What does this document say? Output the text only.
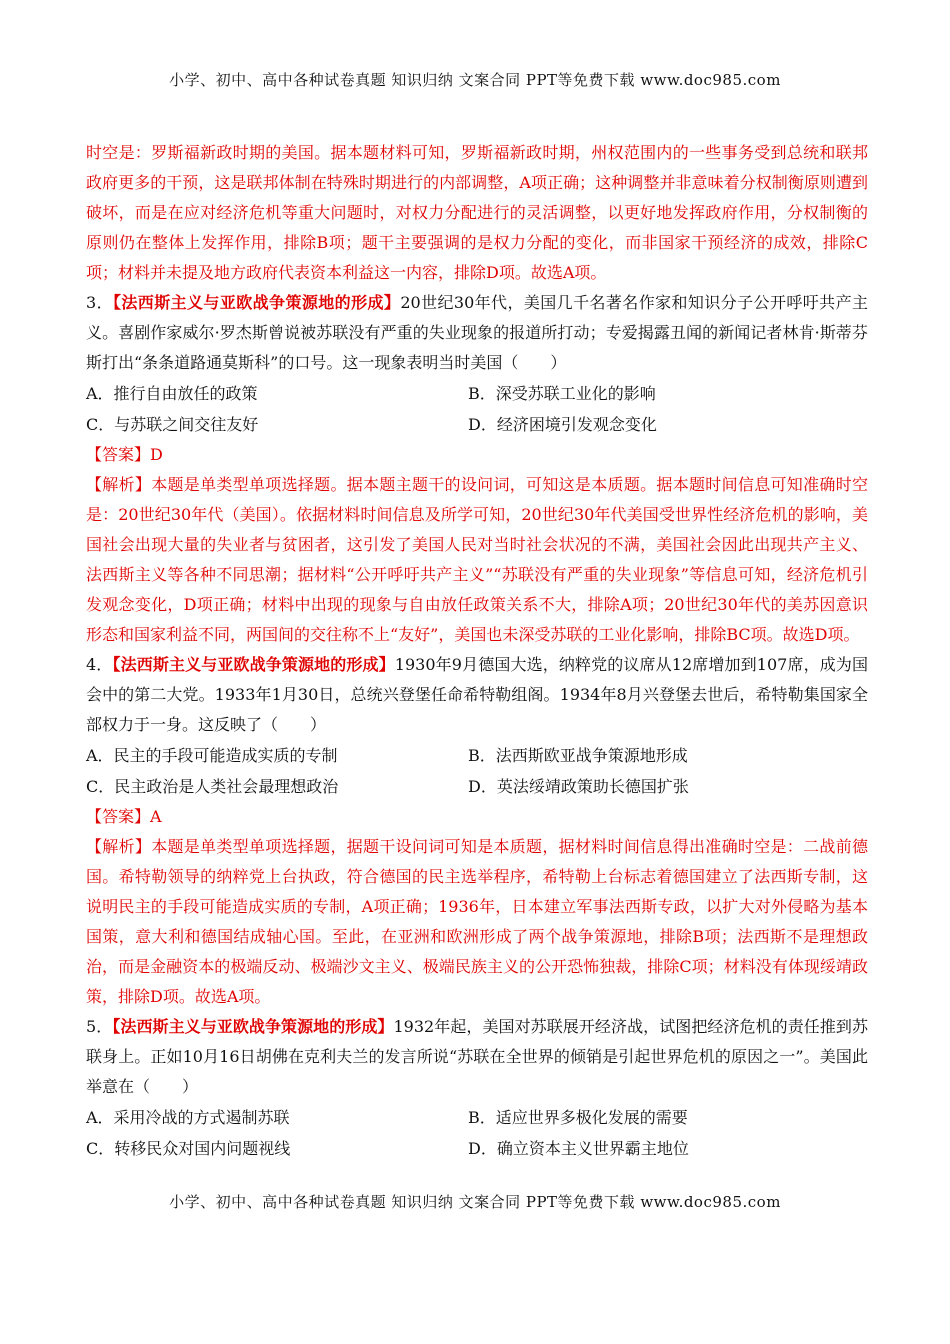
小学、初中、高中各种试卷真题 知识归纳 文案合同 PPT等免费下载 www.doc985.com

时空是：罗斯福新政时期的美国。据本题材料可知，罗斯福新政时期，州权范围内的一些事务受到总统和联邦政府更多的干预，这是联邦体制在特殊时期进行的内部调整，A项正确；这种调整并非意味着分权制衡原则遭到破坏，而是在应对经济危机等重大问题时，对权力分配进行的灵活调整，以更好地发挥政府作用，分权制衡的原则仍在整体上发挥作用，排除B项；题干主要强调的是权力分配的变化，而非国家干预经济的成效，排除C项；材料并未提及地方政府代表资本利益这一内容，排除D项。故选A项。

3．【法西斯主义与亚欧战争策源地的形成】20世纪30年代，美国几千名著名作家和知识分子公开呼吁共产主义。喜剧作家威尔·罗杰斯曾说被苏联没有严重的失业现象的报道所打动；专爱揭露丑闻的新闻记者林肯·斯蒂芬斯打出“条条道路通莫斯科”的口号。这一现象表明当时美国（　　）

A．推行自由放任的政策	B．深受苏联工业化的影响
C．与苏联之间交往友好	D．经济困境引发观念变化

【答案】D

【解析】本题是单类型单项选择题。据本题主题干的设问词，可知这是本质题。据本题时间信息可知准确时空是：20世纪30年代（美国）。依据材料时间信息及所学可知，20世纪30年代美国受世界性经济危机的影响，美国社会出现大量的失业者与贫困者，这引发了美国人民对当时社会状况的不满，美国社会因此出现共产主义、法西斯主义等各种不同思潮；据材料“公开呼吁共产主义”“苏联没有严重的失业现象”等信息可知，经济危机引发观念变化，D项正确；材料中出现的现象与自由放任政策关系不大，排除A项；20世纪30年代的美苏因意识形态和国家利益不同，两国间的交往称不上“友好”，美国也未深受苏联的工业化影响，排除BC项。故选D项。

4．【法西斯主义与亚欧战争策源地的形成】1930年9月德国大选，纳粹党的议席从12席增加到107席，成为国会中的第二大党。1933年1月30日，总统兴登堡任命希特勒组阁。1934年8月兴登堡去世后，希特勒集国家全部权力于一身。这反映了（　　）

A．民主的手段可能造成实质的专制	B．法西斯欧亚战争策源地形成
C．民主政治是人类社会最理想政治	D．英法绥靖政策助长德国扩张

【答案】A

【解析】本题是单类型单项选择题，据题干设问词可知是本质题，据材料时间信息得出准确时空是：二战前德国。希特勒领导的纳粹党上台执政，符合德国的民主选举程序，希特勒上台标志着德国建立了法西斯专制，这说明民主的手段可能造成实质的专制，A项正确；1936年，日本建立军事法西斯专政，以扩大对外侵略为基本国策，意大利和德国结成轴心国。至此，在亚洲和欧洲形成了两个战争策源地，排除B项；法西斯不是理想政治，而是金融资本的极端反动、极端沙文主义、极端民族主义的公开恐怖独裁，排除C项；材料没有体现绥靖政策，排除D项。故选A项。

5．【法西斯主义与亚欧战争策源地的形成】1932年起，美国对苏联展开经济战，试图把经济危机的责任推到苏联身上。正如10月16日胡佛在克利夫兰的发言所说“苏联在全世界的倾销是引起世界危机的原因之一”。美国此举意在（　　）

A．采用冷战的方式遏制苏联	B．适应世界多极化发展的需要
C．转移民众对国内问题视线	D．确立资本主义世界霸主地位
小学、初中、高中各种试卷真题 知识归纳 文案合同 PPT等免费下载 www.doc985.com
